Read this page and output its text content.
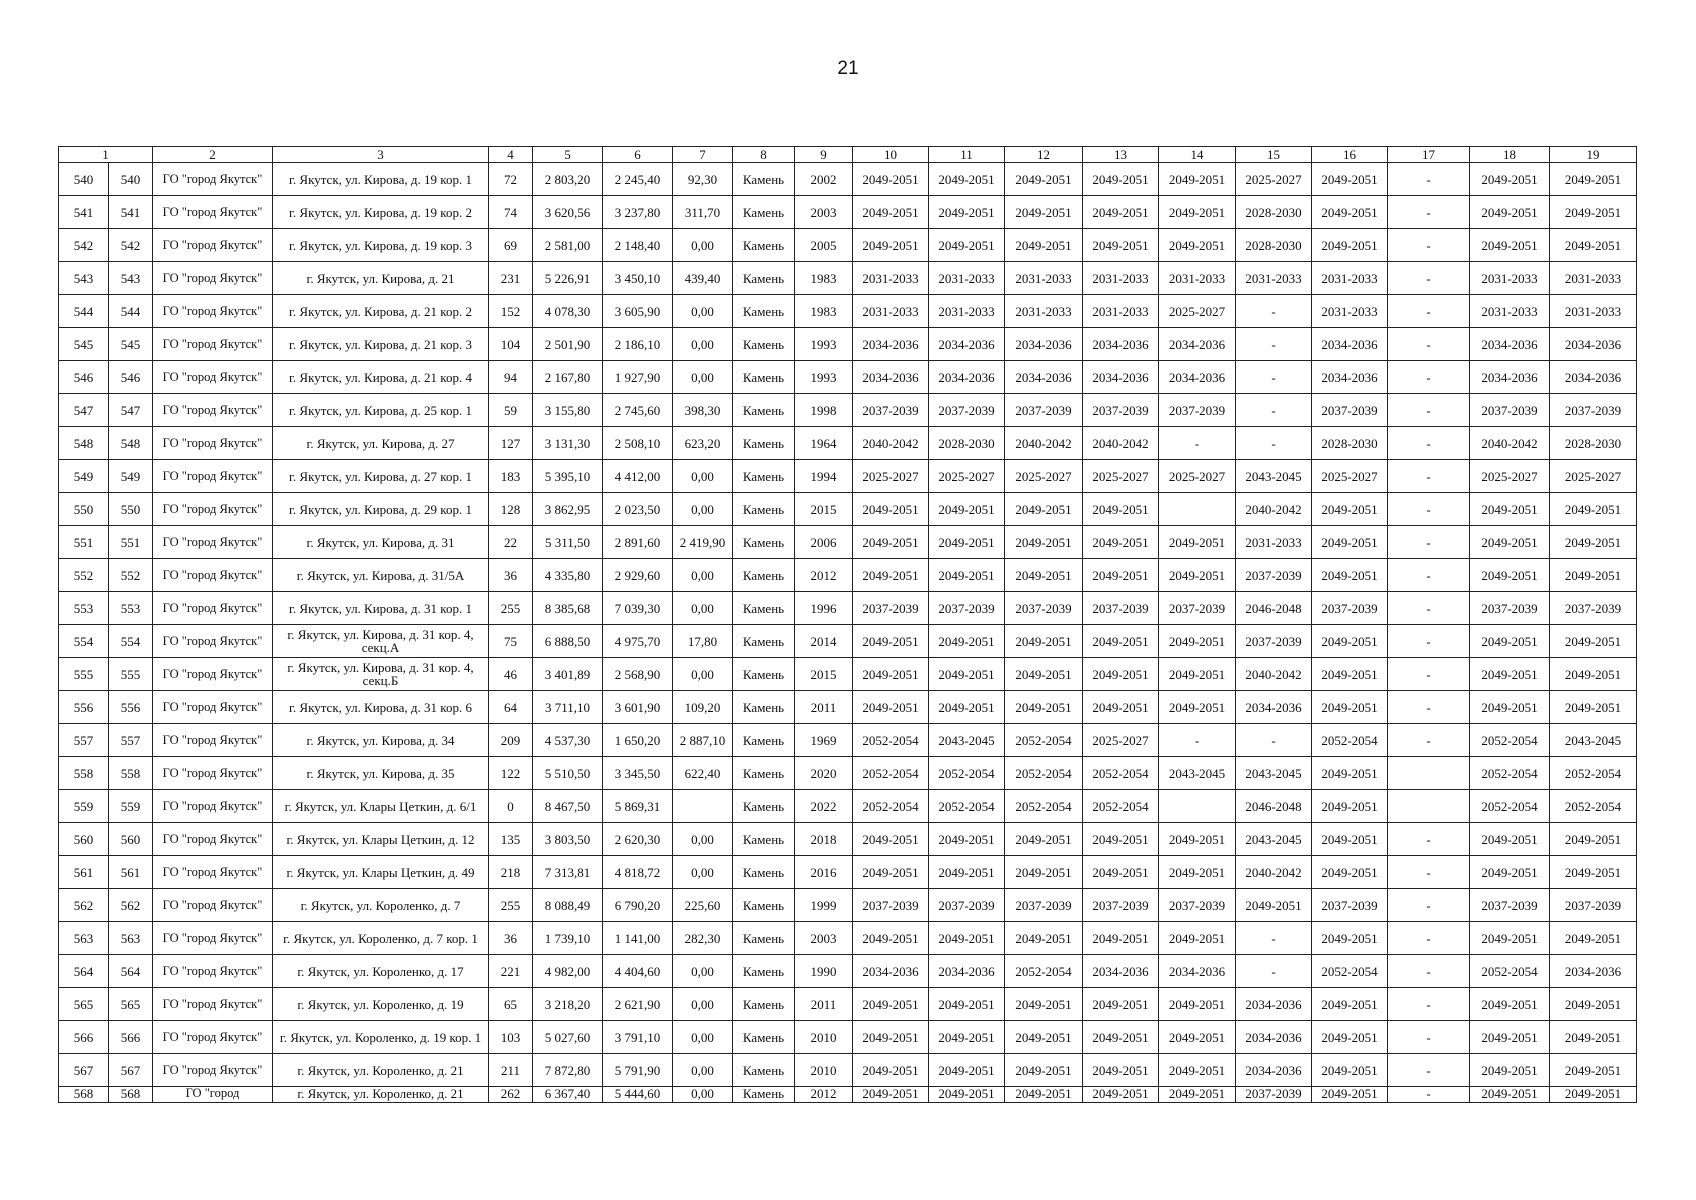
21
1		2	3	4	5	6	7	8	9	10	11	12	13	14	15	16	17	18	19
540	540	ГО "город Якутск"	г. Якутск, ул. Кирова, д. 19 кор. 1	72	2 803,20	2 245,40	92,30	Камень	2002	2049-2051	2049-2051	2049-2051	2049-2051	2049-2051	2025-2027	2049-2051	-	2049-2051	2049-2051
541	541	ГО "город Якутск"	г. Якутск, ул. Кирова, д. 19 кор. 2	74	3 620,56	3 237,80	311,70	Камень	2003	2049-2051	2049-2051	2049-2051	2049-2051	2049-2051	2028-2030	2049-2051	-	2049-2051	2049-2051
542	542	ГО "город Якутск"	г. Якутск, ул. Кирова, д. 19 кор. 3	69	2 581,00	2 148,40	0,00	Камень	2005	2049-2051	2049-2051	2049-2051	2049-2051	2049-2051	2028-2030	2049-2051	-	2049-2051	2049-2051
543	543	ГО "город Якутск"	г. Якутск, ул. Кирова, д. 21	231	5 226,91	3 450,10	439,40	Камень	1983	2031-2033	2031-2033	2031-2033	2031-2033	2031-2033	2031-2033	2031-2033	-	2031-2033	2031-2033
544	544	ГО "город Якутск"	г. Якутск, ул. Кирова, д. 21 кор. 2	152	4 078,30	3 605,90	0,00	Камень	1983	2031-2033	2031-2033	2031-2033	2031-2033	2025-2027	-	2031-2033	-	2031-2033	2031-2033
545	545	ГО "город Якутск"	г. Якутск, ул. Кирова, д. 21 кор. 3	104	2 501,90	2 186,10	0,00	Камень	1993	2034-2036	2034-2036	2034-2036	2034-2036	2034-2036	-	2034-2036	-	2034-2036	2034-2036
546	546	ГО "город Якутск"	г. Якутск, ул. Кирова, д. 21 кор. 4	94	2 167,80	1 927,90	0,00	Камень	1993	2034-2036	2034-2036	2034-2036	2034-2036	2034-2036	-	2034-2036	-	2034-2036	2034-2036
547	547	ГО "город Якутск"	г. Якутск, ул. Кирова, д. 25 кор. 1	59	3 155,80	2 745,60	398,30	Камень	1998	2037-2039	2037-2039	2037-2039	2037-2039	2037-2039	-	2037-2039	-	2037-2039	2037-2039
548	548	ГО "город Якутск"	г. Якутск, ул. Кирова, д. 27	127	3 131,30	2 508,10	623,20	Камень	1964	2040-2042	2028-2030	2040-2042	2040-2042	-	-	2028-2030	-	2040-2042	2028-2030
549	549	ГО "город Якутск"	г. Якутск, ул. Кирова, д. 27 кор. 1	183	5 395,10	4 412,00	0,00	Камень	1994	2025-2027	2025-2027	2025-2027	2025-2027	2025-2027	2043-2045	2025-2027	-	2025-2027	2025-2027
550	550	ГО "город Якутск"	г. Якутск, ул. Кирова, д. 29 кор. 1	128	3 862,95	2 023,50	0,00	Камень	2015	2049-2051	2049-2051	2049-2051	2049-2051		2040-2042	2049-2051	-	2049-2051	2049-2051
551	551	ГО "город Якутск"	г. Якутск, ул. Кирова, д. 31	22	5 311,50	2 891,60	2 419,90	Камень	2006	2049-2051	2049-2051	2049-2051	2049-2051	2049-2051	2031-2033	2049-2051	-	2049-2051	2049-2051
552	552	ГО "город Якутск"	г. Якутск, ул. Кирова, д. 31/5А	36	4 335,80	2 929,60	0,00	Камень	2012	2049-2051	2049-2051	2049-2051	2049-2051	2049-2051	2037-2039	2049-2051	-	2049-2051	2049-2051
553	553	ГО "город Якутск"	г. Якутск, ул. Кирова, д. 31 кор. 1	255	8 385,68	7 039,30	0,00	Камень	1996	2037-2039	2037-2039	2037-2039	2037-2039	2037-2039	2046-2048	2037-2039	-	2037-2039	2037-2039
554	554	ГО "город Якутск"	г. Якутск, ул. Кирова, д. 31 кор. 4, секц.А	75	6 888,50	4 975,70	17,80	Камень	2014	2049-2051	2049-2051	2049-2051	2049-2051	2049-2051	2037-2039	2049-2051	-	2049-2051	2049-2051
555	555	ГО "город Якутск"	г. Якутск, ул. Кирова, д. 31 кор. 4, секц.Б	46	3 401,89	2 568,90	0,00	Камень	2015	2049-2051	2049-2051	2049-2051	2049-2051	2049-2051	2040-2042	2049-2051	-	2049-2051	2049-2051
556	556	ГО "город Якутск"	г. Якутск, ул. Кирова, д. 31 кор. 6	64	3 711,10	3 601,90	109,20	Камень	2011	2049-2051	2049-2051	2049-2051	2049-2051	2049-2051	2034-2036	2049-2051	-	2049-2051	2049-2051
557	557	ГО "город Якутск"	г. Якутск, ул. Кирова, д. 34	209	4 537,30	1 650,20	2 887,10	Камень	1969	2052-2054	2043-2045	2052-2054	2025-2027	-	-	2052-2054	-	2052-2054	2043-2045
558	558	ГО "город Якутск"	г. Якутск, ул. Кирова, д. 35	122	5 510,50	3 345,50	622,40	Камень	2020	2052-2054	2052-2054	2052-2054	2052-2054	2043-2045	2043-2045	2049-2051		2052-2054	2052-2054
559	559	ГО "город Якутск"	г. Якутск, ул. Клары Цеткин, д. 6/1	0	8 467,50	5 869,31		Камень	2022	2052-2054	2052-2054	2052-2054	2052-2054		2046-2048	2049-2051		2052-2054	2052-2054
560	560	ГО "город Якутск"	г. Якутск, ул. Клары Цеткин, д. 12	135	3 803,50	2 620,30	0,00	Камень	2018	2049-2051	2049-2051	2049-2051	2049-2051	2049-2051	2043-2045	2049-2051	-	2049-2051	2049-2051
561	561	ГО "город Якутск"	г. Якутск, ул. Клары Цеткин, д. 49	218	7 313,81	4 818,72	0,00	Камень	2016	2049-2051	2049-2051	2049-2051	2049-2051	2049-2051	2040-2042	2049-2051	-	2049-2051	2049-2051
562	562	ГО "город Якутск"	г. Якутск, ул. Короленко, д. 7	255	8 088,49	6 790,20	225,60	Камень	1999	2037-2039	2037-2039	2037-2039	2037-2039	2037-2039	2049-2051	2037-2039	-	2037-2039	2037-2039
563	563	ГО "город Якутск"	г. Якутск, ул. Короленко, д. 7 кор. 1	36	1 739,10	1 141,00	282,30	Камень	2003	2049-2051	2049-2051	2049-2051	2049-2051	2049-2051	-	2049-2051	-	2049-2051	2049-2051
564	564	ГО "город Якутск"	г. Якутск, ул. Короленко, д. 17	221	4 982,00	4 404,60	0,00	Камень	1990	2034-2036	2034-2036	2052-2054	2034-2036	2034-2036	-	2052-2054	-	2052-2054	2034-2036
565	565	ГО "город Якутск"	г. Якутск, ул. Короленко, д. 19	65	3 218,20	2 621,90	0,00	Камень	2011	2049-2051	2049-2051	2049-2051	2049-2051	2049-2051	2034-2036	2049-2051	-	2049-2051	2049-2051
566	566	ГО "город Якутск"	г. Якутск, ул. Короленко, д. 19 кор. 1	103	5 027,60	3 791,10	0,00	Камень	2010	2049-2051	2049-2051	2049-2051	2049-2051	2049-2051	2034-2036	2049-2051	-	2049-2051	2049-2051
567	567	ГО "город Якутск"	г. Якутск, ул. Короленко, д. 21	211	7 872,80	5 791,90	0,00	Камень	2010	2049-2051	2049-2051	2049-2051	2049-2051	2049-2051	2034-2036	2049-2051	-	2049-2051	2049-2051
568	568	ГО "город	г. Якутск, ул. Короленко, д. 21	262	6 367,40	5 444,60	0,00	Камень	2012	2049-2051	2049-2051	2049-2051	2049-2051	2049-2051	2037-2039	2049-2051	-	2049-2051	2049-2051
